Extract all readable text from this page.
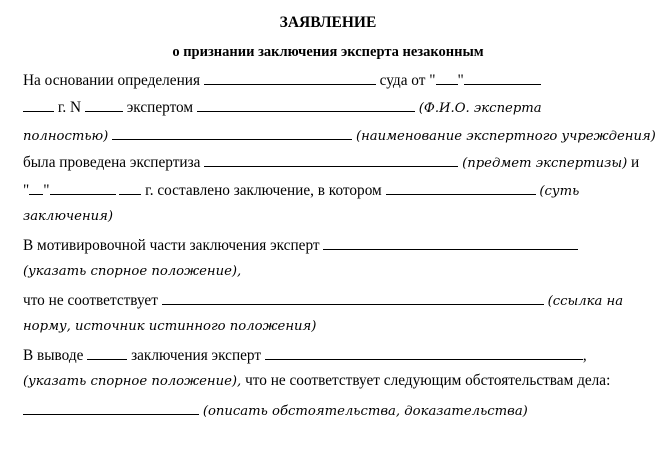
ЗАЯВЛЕНИЕ
о признании заключения эксперта незаконным
На основании определения	суда от " "
г. N	экспертом	(Ф.И.О. эксперта
полностью)	(наименование экспертного учреждения)
была проведена экспертиза	(предмет экспертизы) и
" "	г. составлено заключение, в котором	(суть
заключения)
В мотивировочной части заключения эксперт
(указать спорное положение),
что не соответствует	(ссылка на
норму, источник истинного положения)
В выводе	заключения эксперт	,
(указать спорное положение), что не соответствует следующим обстоятельствам дела:
(описать обстоятельства, доказательства)
